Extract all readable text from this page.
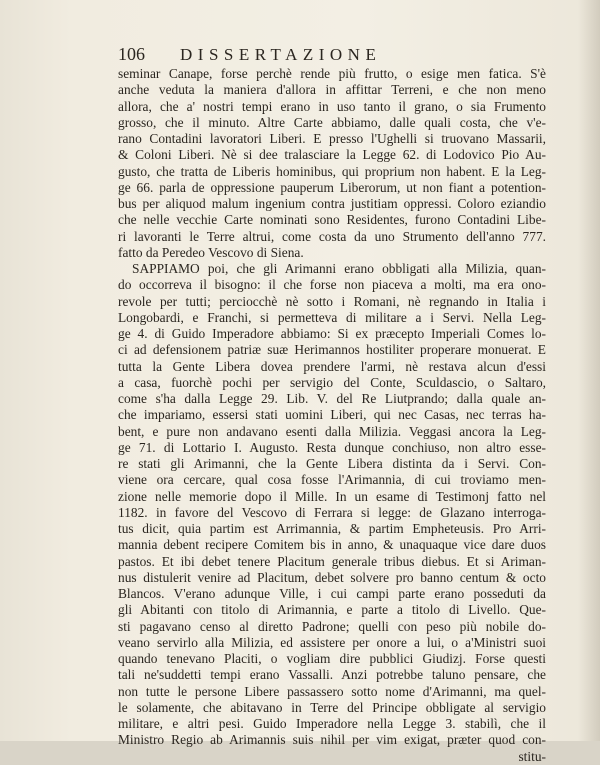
106 DISSERTAZIONE
seminar Canape, forse perchè rende più frutto, o esige men fatica. S'è
anche veduta la maniera d'allora in affittar Terreni, e che non meno
allora, che a' nostri tempi erano in uso tanto il grano, o sia Frumento
grosso, che il minuto. Altre Carte abbiamo, dalle quali costa, che v'e-
rano Contadini lavoratori Liberi. E presso l'Ughelli si truovano Massarii,
& Coloni Liberi. Nè si dee tralasciare la Legge 62. di Lodovico Pio Au-
gusto, che tratta de Liberis hominibus, qui proprium non habent. E la Leg-
ge 66. parla de oppressione pauperum Liberorum, ut non fiant a potention-
bus per aliquod malum ingenium contra justitiam oppressi. Coloro eziandio
che nelle vecchie Carte nominati sono Residentes, furono Contadini Libe-
ri lavoranti le Terre altrui, come costa da uno Strumento dell'anno 777.
fatto da Peredeo Vescovo di Siena.
SAPPIAMO poi, che gli Arimanni erano obbligati alla Milizia, quan-
do occorreva il bisogno: il che forse non piaceva a molti, ma era ono-
revole per tutti; perciocchè nè sotto i Romani, nè regnando in Italia i
Longobardi, e Franchi, si permetteva di militare a i Servi. Nella Leg-
ge 4. di Guido Imperadore abbiamo: Si ex præcepto Imperiali Comes lo-
ci ad defensionem patriæ suæ Herimannos hostiliter properare monuerat. E
tutta la Gente Libera dovea prendere l'armi, nè restava alcun d'essi
a casa, fuorchè pochi per servigio del Conte, Sculdascio, o Saltaro,
come s'ha dalla Legge 29. Lib. V. del Re Liutprando; dalla quale an-
che impariamo, essersi stati uomini Liberi, qui nec Casas, nec terras ha-
bent, e pure non andavano esenti dalla Milizia. Veggasi ancora la Leg-
ge 71. di Lottario I. Augusto. Resta dunque conchiuso, non altro esse-
re stati gli Arimanni, che la Gente Libera distinta da i Servi. Con-
viene ora cercare, qual cosa fosse l'Arimannia, di cui troviamo men-
zione nelle memorie dopo il Mille. In un esame di Testimonj fatto nel
1182. in favore del Vescovo di Ferrara si legge: de Glazano interroga-
tus dicit, quia partim est Arrimannia, & partim Empheteusis. Pro Arri-
mannia debent recipere Comitem bis in anno, & unaquaque vice dare duos
pastos. Et ibi debet tenere Placitum generale tribus diebus. Et si Ariman-
nus distulerit venire ad Placitum, debet solvere pro banno centum & octo
Blancos. V'erano adunque Ville, i cui campi parte erano posseduti da
gli Abitanti con titolo di Arimannia, e parte a titolo di Livello. Que-
sti pagavano censo al diretto Padrone; quelli con peso più nobile do-
veano servirlo alla Milizia, ed assistere per onore a lui, o a'Ministri suoi
quando tenevano Placiti, o vogliam dire pubblici Giudizj. Forse questi
tali ne'suddetti tempi erano Vassalli. Anzi potrebbe taluno pensare, che
non tutte le persone Libere passassero sotto nome d'Arimanni, ma quel-
le solamente, che abitavano in Terre del Principe obbligate al servigio
militare, e altri pesi. Guido Imperadore nella Legge 3. stabilì, che il
Ministro Regio ab Arimannis suis nihil per vim exigat, præter quod con-
stitu-
